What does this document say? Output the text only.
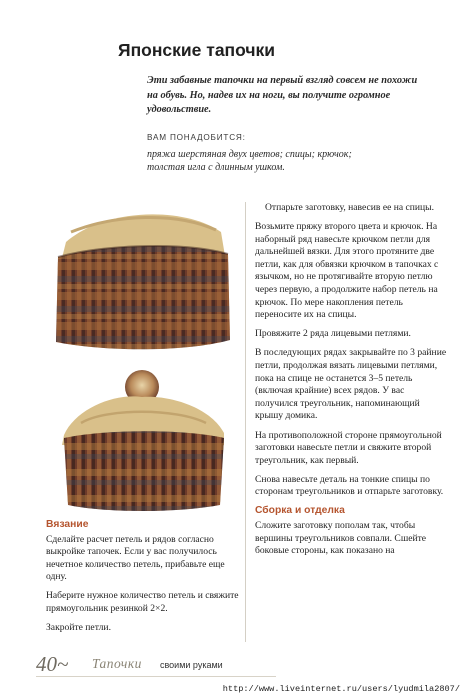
Японские тапочки
Эти забавные тапочки на первый взгляд совсем не похожи на обувь. Но, надев их на ноги, вы получите огромное удовольствие.
ВАМ ПОНАДОБИТСЯ:
пряжа шерстяная двух цветов; спицы; крючок;
толстая игла с длинным ушком.
Вязание
Сделайте расчет петель и рядов согласно выкройке тапочек. Если у вас получилось нечетное количество петель, прибавьте еще одну.
Наберите нужное количество петель и свяжите прямоугольник резинкой 2×2.
Закройте петли.
Отпарьте заготовку, навесив ее на спицы.
Возьмите пряжу второго цвета и крючок. На наборный ряд навесьте крючком петли для дальнейшей вязки. Для этого протяните две петли, как для обвязки крючком в тапочках с язычком, но не протягивайте вторую петлю через первую, а продолжите набор петель на крючок. По мере накопления петель переносите их на спицы.
Провяжите 2 ряда лицевыми петлями.
В последующих рядах закрывайте по 3 райние петли, продолжая вязать лицевыми петлями, пока на спице не останется 3–5 петель (включая крайние) всех рядов. У вас получился треугольник, напоминающий крышу домика.
На противоположной стороне прямоугольной заготовки навесьте петли и свяжите второй треугольник, как первый.
Снова навесьте деталь на тонкие спицы по сторонам треугольников и отпарьте заготовку.
Сборка и отделка
Сложите заготовку пополам так, чтобы вершины треугольников совпали. Сшейте боковые стороны, как показано на
40~ Тапочки своими руками
http://www.liveinternet.ru/users/lyudmila2807/
